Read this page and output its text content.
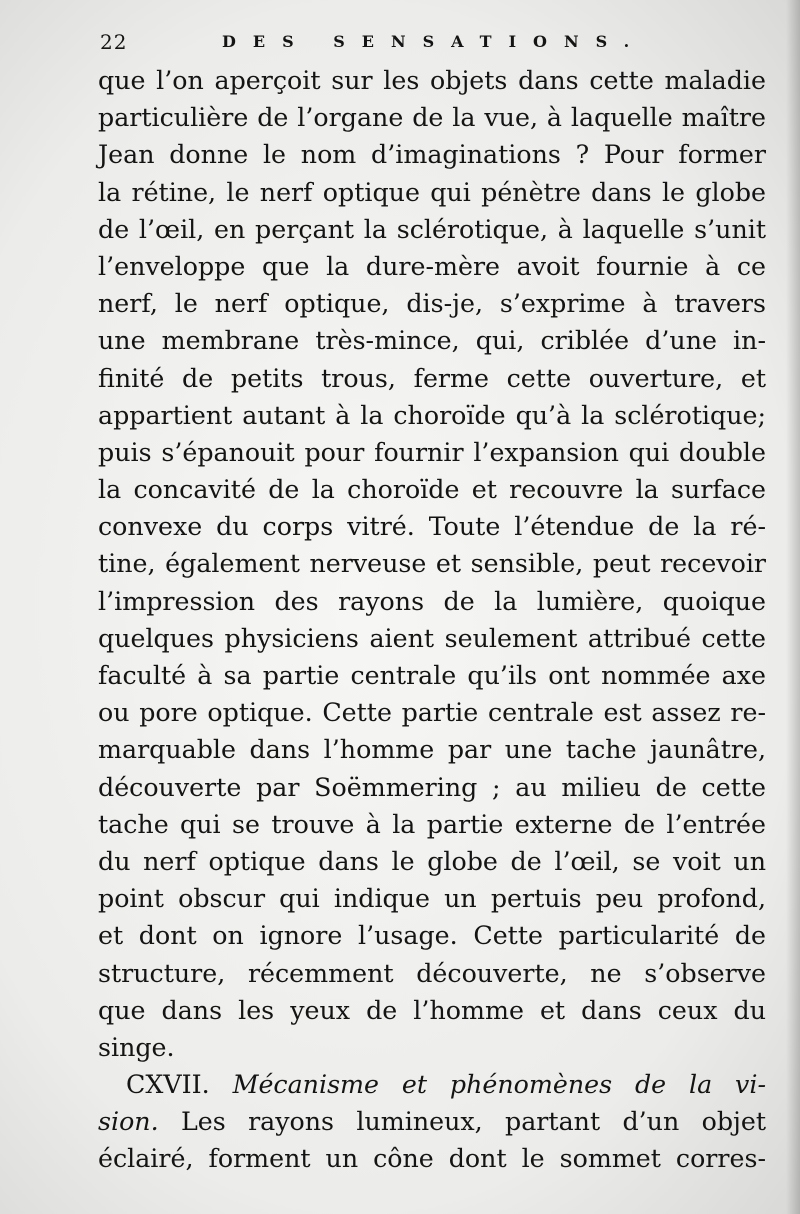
22	DES SENSATIONS.
que l’on aperçoit sur les objets dans cette maladie
particulière de l’organe de la vue, à laquelle maître
Jean donne le nom d’imaginations ? Pour former
la rétine, le nerf optique qui pénètre dans le globe
de l’œil, en perçant la sclérotique, à laquelle s’unit
l’enveloppe que la dure-mère avoit fournie à ce
nerf, le nerf optique, dis-je, s’exprime à travers
une membrane très-mince, qui, criblée d’une in-
finité de petits trous, ferme cette ouverture, et
appartient autant à la choroïde qu’à la sclérotique;
puis s’épanouit pour fournir l’expansion qui double
la concavité de la choroïde et recouvre la surface
convexe du corps vitré. Toute l’étendue de la ré-
tine, également nerveuse et sensible, peut recevoir
l’impression des rayons de la lumière, quoique
quelques physiciens aient seulement attribué cette
faculté à sa partie centrale qu’ils ont nommée axe
ou pore optique. Cette partie centrale est assez re-
marquable dans l’homme par une tache jaunâtre,
découverte par Soëmmering ; au milieu de cette
tache qui se trouve à la partie externe de l’entrée
du nerf optique dans le globe de l’œil, se voit un
point obscur qui indique un pertuis peu profond,
et dont on ignore l’usage. Cette particularité de
structure, récemment découverte, ne s’observe
que dans les yeux de l’homme et dans ceux du
singe.
CXVII. Mécanisme et phénomènes de la vi-
sion. Les rayons lumineux, partant d’un objet
éclairé, forment un cône dont le sommet corres-
